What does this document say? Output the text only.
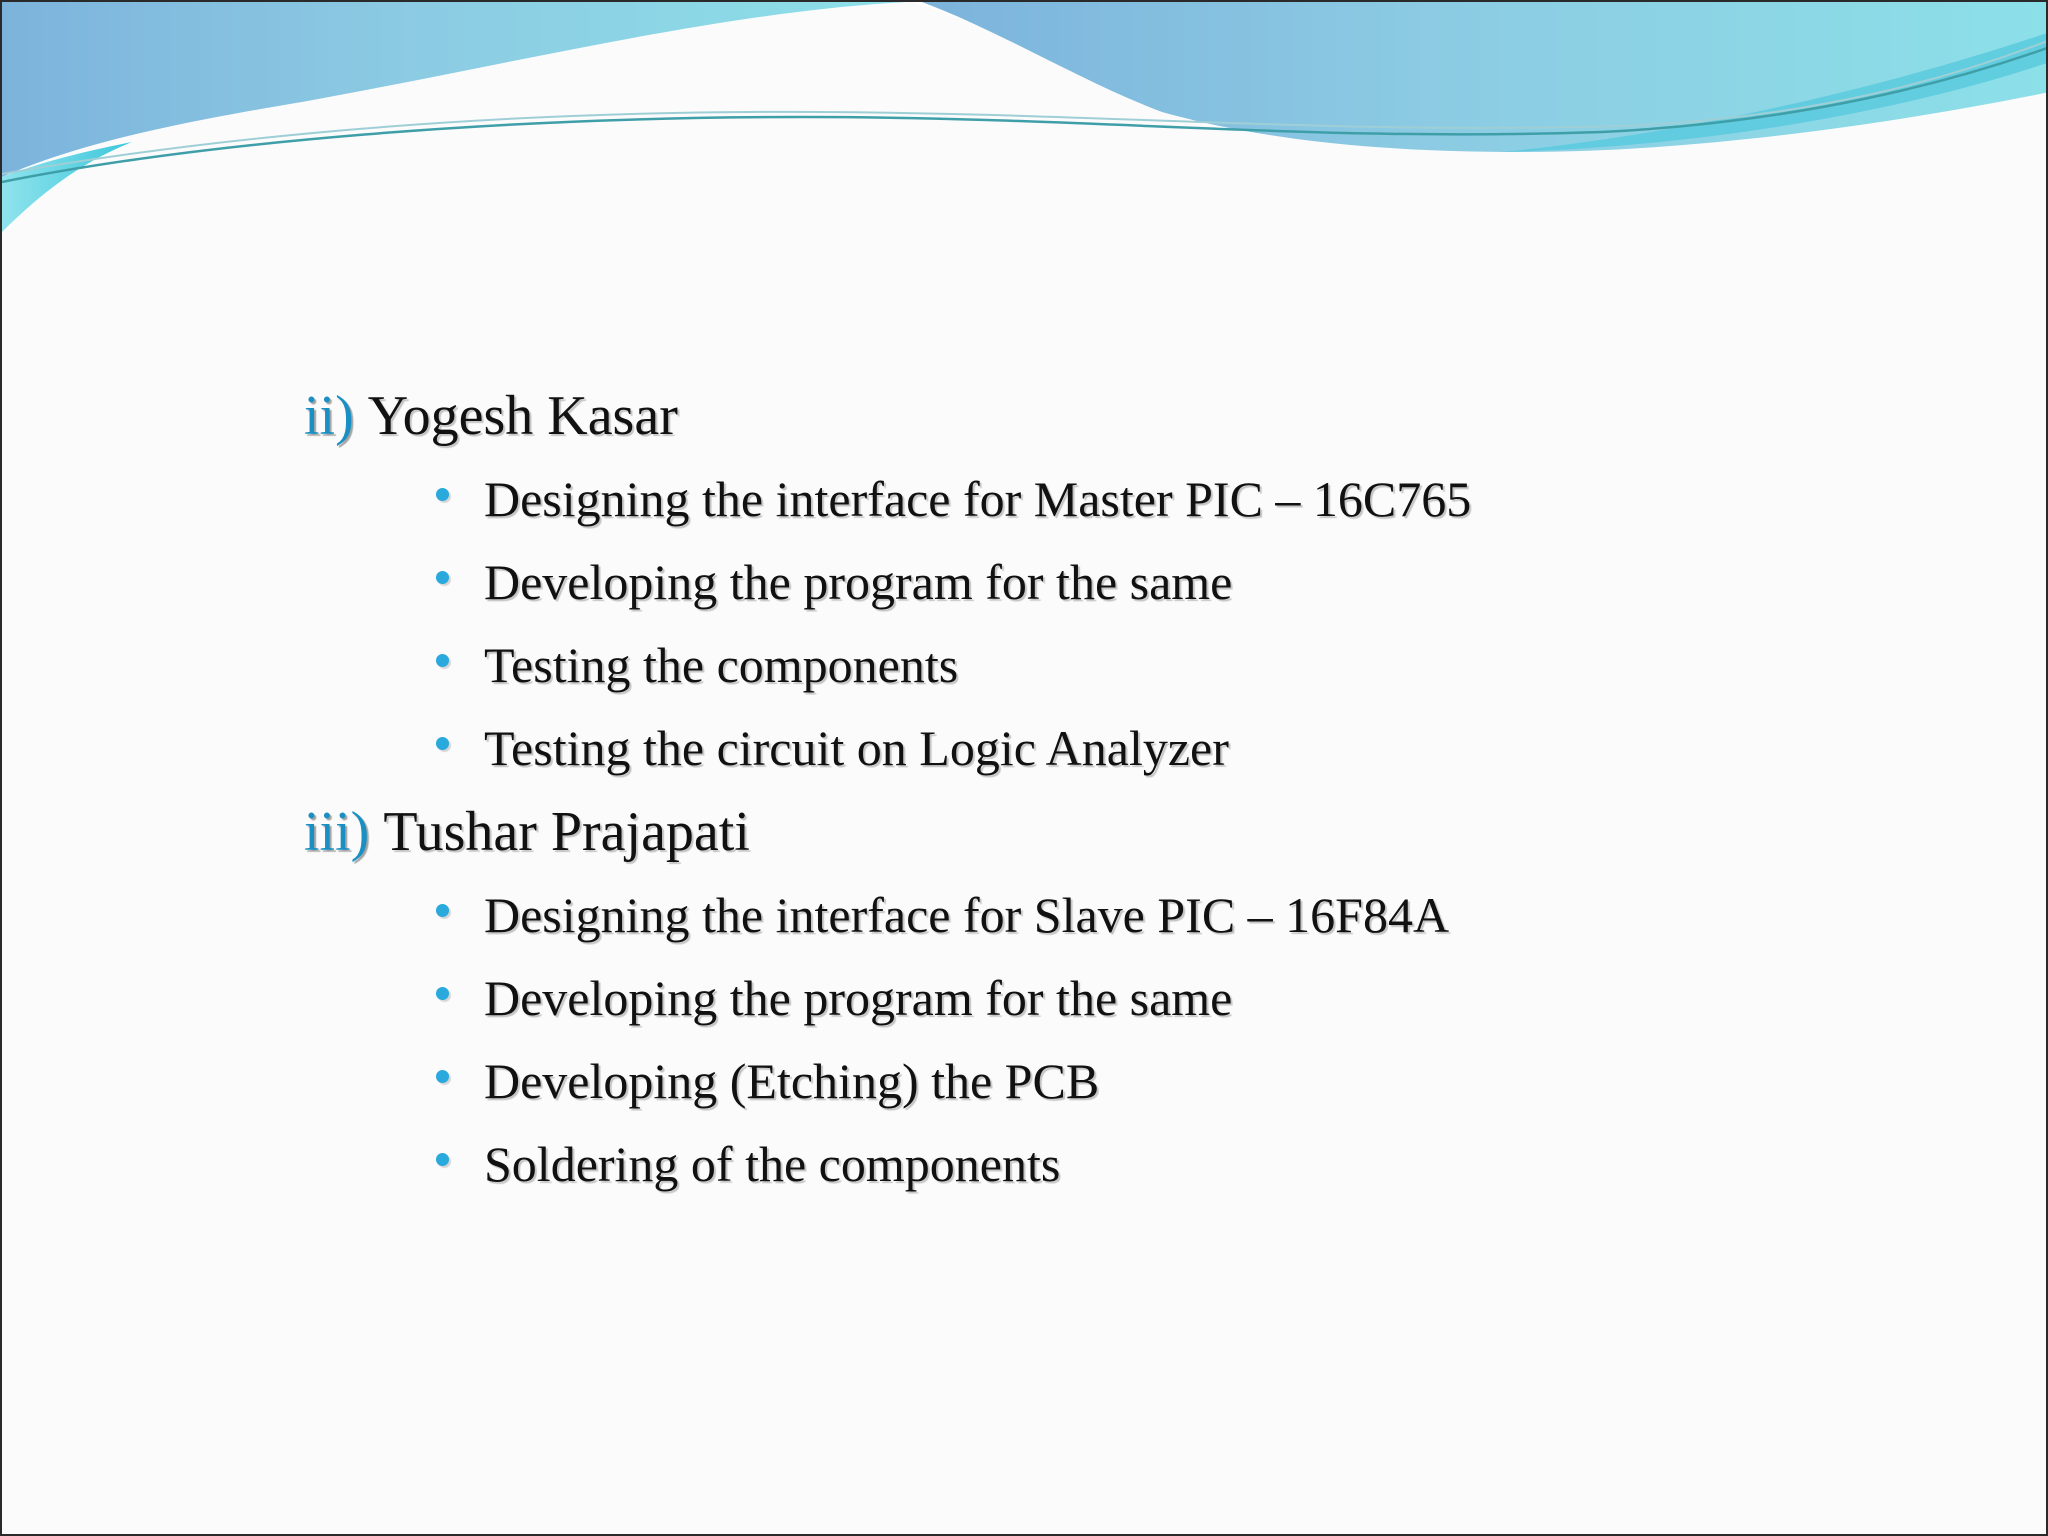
ii) Yogesh Kasar
Designing the interface for Master PIC – 16C765
Developing the program for the same
Testing the components
Testing the circuit on Logic Analyzer
iii) Tushar Prajapati
Designing the interface for Slave PIC – 16F84A
Developing the program for the same
Developing (Etching) the PCB
Soldering of the components
